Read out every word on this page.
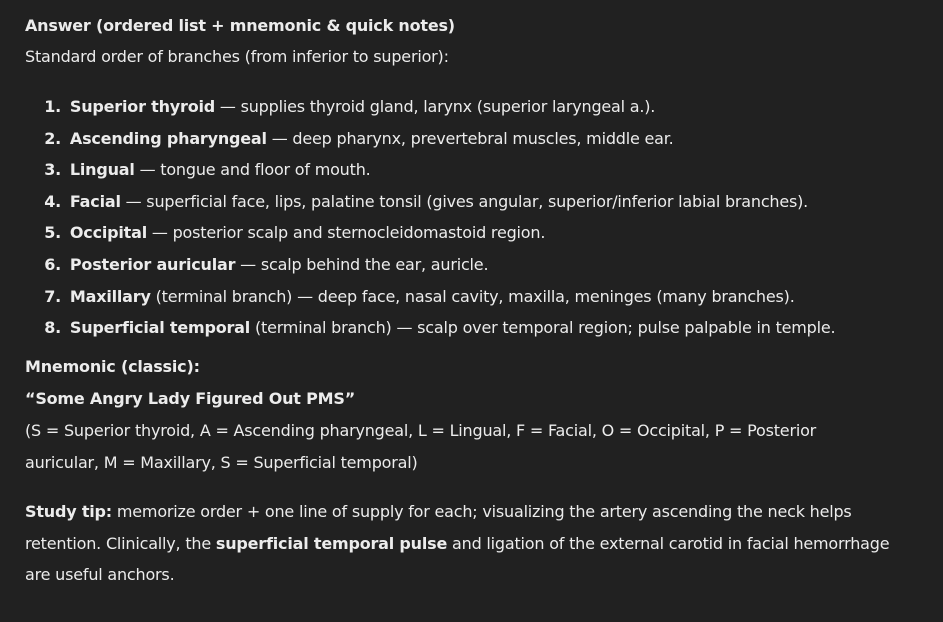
Answer (ordered list + mnemonic & quick notes)
Standard order of branches (from inferior to superior):
1. Superior thyroid — supplies thyroid gland, larynx (superior laryngeal a.).
2. Ascending pharyngeal — deep pharynx, prevertebral muscles, middle ear.
3. Lingual — tongue and floor of mouth.
4. Facial — superficial face, lips, palatine tonsil (gives angular, superior/inferior labial branches).
5. Occipital — posterior scalp and sternocleidomastoid region.
6. Posterior auricular — scalp behind the ear, auricle.
7. Maxillary (terminal branch) — deep face, nasal cavity, maxilla, meninges (many branches).
8. Superficial temporal (terminal branch) — scalp over temporal region; pulse palpable in temple.
Mnemonic (classic):
“Some Angry Lady Figured Out PMS”
(S = Superior thyroid, A = Ascending pharyngeal, L = Lingual, F = Facial, O = Occipital, P = Posterior auricular, M = Maxillary, S = Superficial temporal)
Study tip: memorize order + one line of supply for each; visualizing the artery ascending the neck helps retention. Clinically, the superficial temporal pulse and ligation of the external carotid in facial hemorrhage are useful anchors.
